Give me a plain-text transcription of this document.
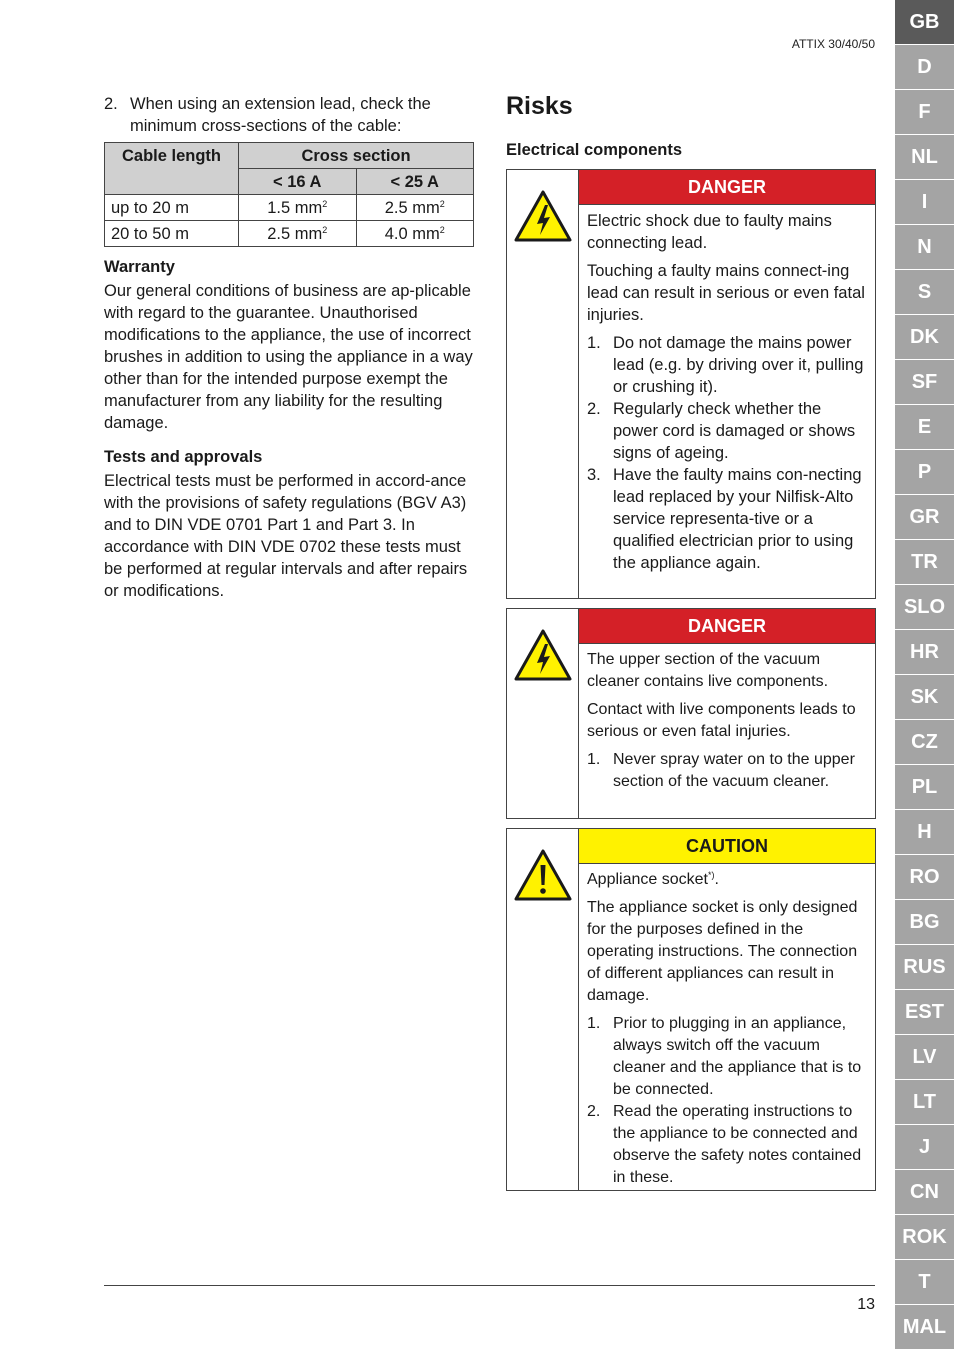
ATTIX 30/40/50
GB
D
F
NL
I
N
S
DK
SF
E
P
GR
TR
SLO
HR
SK
CZ
PL
H
RO
BG
RUS
EST
LV
LT
J
CN
ROK
T
MAL
2. When using an extension lead, check the minimum cross-sections of the cable:
Cable length	Cross section	
	< 16 A	< 25 A
up to 20 m	1.5 $mm^2$	2.5 $mm^2$
20 to 50 m	2.5 $mm^2$	4.0 $mm^2$
Warranty

Our general conditions of business are ap-plicable with regard to the guarantee. Unauthorised modifications to the appliance, the use of incorrect brushes in addition to using the appliance in a way other than for the intended purpose exempt the manufacturer from any liability for the resulting damage.

Tests and approvals

Electrical tests must be performed in accord-ance with the provisions of safety regulations (BGV A3) and to DIN VDE 0701 Part 1 and Part 3. In accordance with DIN VDE 0702 these tests must be performed at regular intervals and after repairs or modifications.

Risks
Electrical components
DANGER

Electric shock due to faulty mains connecting lead.

Touching a faulty mains connect-ing lead can result in serious or even fatal injuries.

1. Do not damage the mains power lead (e.g. by driving over it, pulling or crushing it).
2. Regularly check whether the power cord is damaged or shows signs of ageing.
3. Have the faulty mains con-necting lead replaced by your Nilfisk-Alto service representa-tive or a qualified electrician prior to using the appliance again.
DANGER

The upper section of the vacuum cleaner contains live components.

Contact with live components leads to serious or even fatal injuries.

1. Never spray water on to the upper section of the vacuum cleaner.
CAUTION

Appliance socket*).

The appliance socket is only designed for the purposes defined in the operating instructions. The connection of different appliances can result in damage.

1. Prior to plugging in an appliance, always switch off the vacuum cleaner and the appliance that is to be connected.
2. Read the operating instructions to the appliance to be connected and observe the safety notes contained in these.
13
